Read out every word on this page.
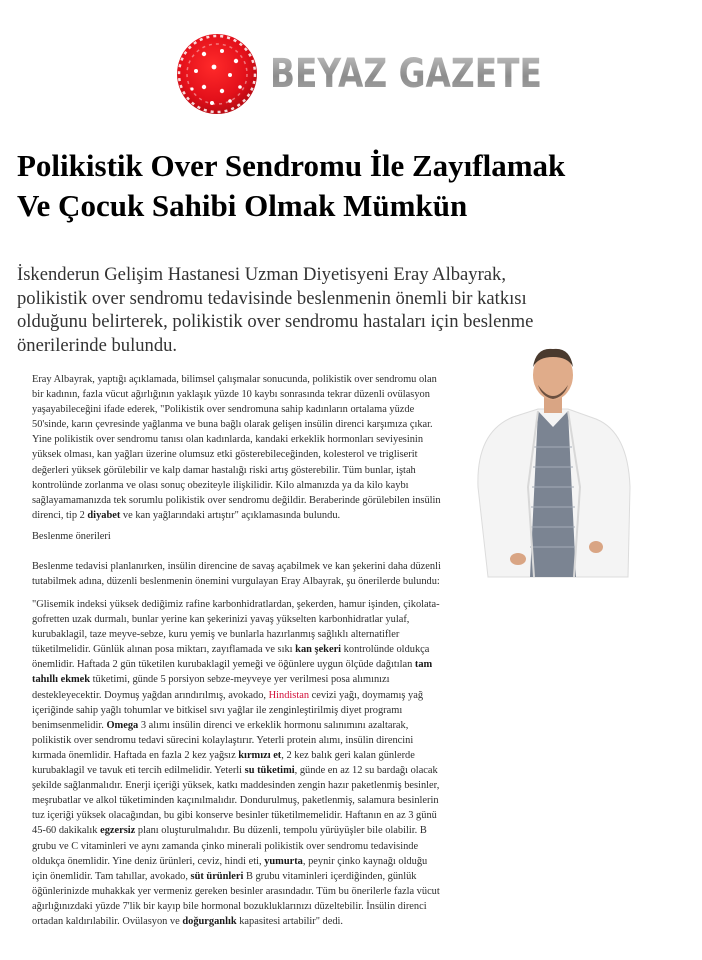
BEYAZ GAZETE
Polikistik Over Sendromu İle Zayıflamak Ve Çocuk Sahibi Olmak Mümkün

İskenderun Gelişim Hastanesi Uzman Diyetisyeni Eray Albayrak, polikistik over sendromu tedavisinde beslenmenin önemli bir katkısı olduğunu belirterek, polikistik over sendromu hastaları için beslenme önerilerinde bulundu.

Eray Albayrak, yaptığı açıklamada, bilimsel çalışmalar sonucunda, polikistik over sendromu olan
bir kadının, fazla vücut ağırlığının yaklaşık yüzde 10 kaybı sonrasında tekrar düzenli ovülasyon
yaşayabileceğini ifade ederek, "Polikistik over sendromuna sahip kadınların ortalama yüzde
50'sinde, karın çevresinde yağlanma ve buna bağlı olarak gelişen insülin direnci karşımıza çıkar.
Yine polikistik over sendromu tanısı olan kadınlarda, kandaki erkeklik hormonları seviyesinin
yüksek olması, kan yağları üzerine olumsuz etki gösterebileceğinden, kolesterol ve trigliserit
değerleri yüksek görülebilir ve kalp damar hastalığı riski artış gösterebilir. Tüm bunlar, iştah
kontrolünde zorlanma ve olası sonuç obeziteyle ilişkilidir. Kilo almanızda ya da kilo kaybı
sağlayamamanızda tek sorumlu polikistik over sendromu değildir. Beraberinde görülebilen insülin
direnci, tip 2 diyabet ve kan yağlarındaki artıştır" açıklamasında bulundu.
Beslenme önerileri
Beslenme tedavisi planlanırken, insülin direncine de savaş açabilmek ve kan şekerini daha düzenli
tutabilmek adına, düzenli beslenmenin önemini vurgulayan Eray Albayrak, şu önerilerde bulundu:
"Glisemik indeksi yüksek dediğimiz rafine karbonhidratlardan, şekerden, hamur işinden, çikolata-
gofretten uzak durmalı, bunlar yerine kan şekerinizi yavaş yükselten karbonhidratlar yulaf,
kurubaklagil, taze meyve-sebze, kuru yemiş ve bunlarla hazırlanmış sağlıklı alternatifler
tüketilmelidir. Günlük alınan posa miktarı, zayıflamada ve sıkı kan şekeri kontrolünde oldukça
önemlidir. Haftada 2 gün tüketilen kurubaklagil yemeği ve öğünlere uygun ölçüde dağıtılan tam
tahıllı ekmek tüketimi, günde 5 porsiyon sebze-meyveye yer verilmesi posa alımınızı
destekleyecektir. Doymuş yağdan arındırılmış, avokado, Hindistan cevizi yağı, doymamış yağ
içeriğinde sahip yağlı tohumlar ve bitkisel sıvı yağlar ile zenginleştirilmiş diyet programı
benimsenmelidir. Omega 3 alımı insülin direnci ve erkeklik hormonu salınımını azaltarak,
polikistik over sendromu tedavi sürecini kolaylaştırır. Yeterli protein alımı, insülin direncini
kırmada önemlidir. Haftada en fazla 2 kez yağsız kırmızı et, 2 kez balık geri kalan günlerde
kurubaklagil ve tavuk eti tercih edilmelidir. Yeterli su tüketimi, günde en az 12 su bardağı olacak
şekilde sağlanmalıdır. Enerji içeriği yüksek, katkı maddesinden zengin hazır paketlenmiş besinler,
meşrubatlar ve alkol tüketiminden kaçınılmalıdır. Dondurulmuş, paketlenmiş, salamura besinlerin
tuz içeriği yüksek olacağından, bu gibi konserve besinler tüketilmemelidir. Haftanın en az 3 günü
45-60 dakikalık egzersiz planı oluşturulmalıdır. Bu düzenli, tempolu yürüyüşler bile olabilir. B
grubu ve C vitaminleri ve aynı zamanda çinko minerali polikistik over sendromu tedavisinde
oldukça önemlidir. Yine deniz ürünleri, ceviz, hindi eti, yumurta, peynir çinko kaynağı olduğu
için önemlidir. Tam tahıllar, avokado, süt ürünleri B grubu vitaminleri içerdiğinden, günlük
öğünlerinizde muhakkak yer vermeniz gereken besinler arasındadır. Tüm bu önerilerle fazla vücut
ağırlığınızdaki yüzde 7'lik bir kayıp bile hormonal bozukluklarınızı düzeltebilir. İnsülin direnci
ortadan kaldırılabilir. Ovülasyon ve doğurganlık kapasitesi artabilir" dedi.
